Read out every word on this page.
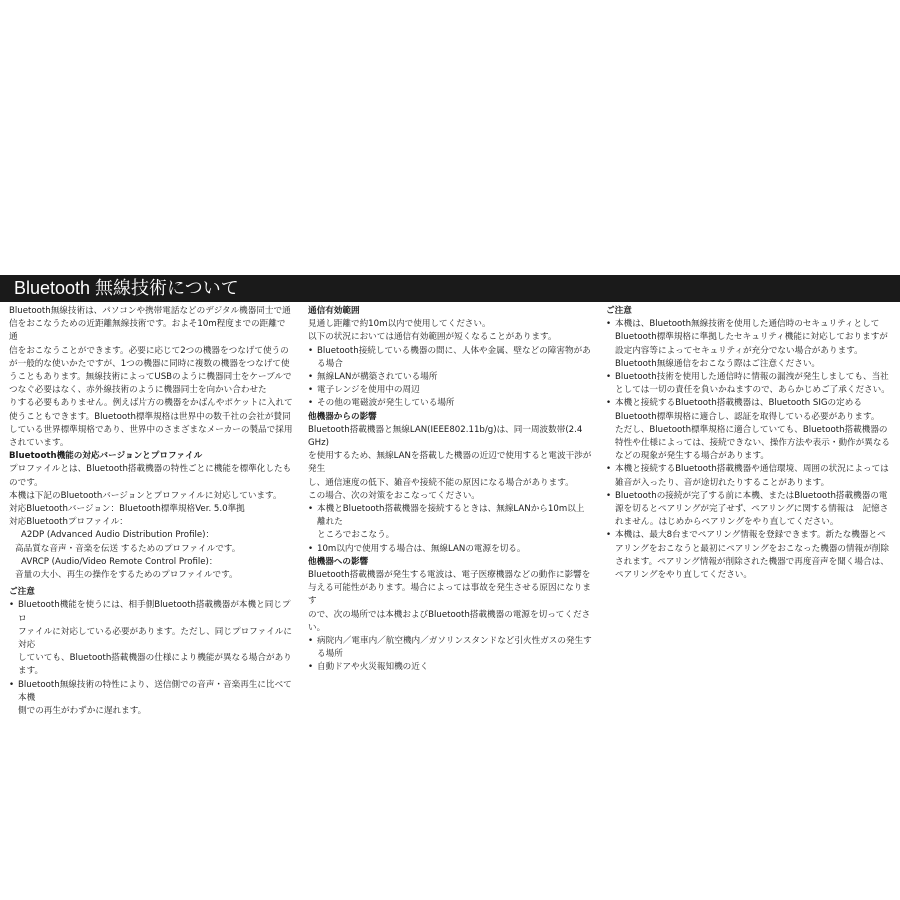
Bluetooth 無線技術について
Bluetooth無線技術は、パソコンや携帯電話などのデジタル機器同士で通
信をおこなうための近距離無線技術です。およそ10m程度までの距離で通
信をおこなうことができます。必要に応じて2つの機器をつなげて使うの
が一般的な使いかたですが、1つの機器に同時に複数の機器をつなげて使
うこともあります。無線技術によってUSBのように機器同士をケーブルで
つなぐ必要はなく、赤外線技術のように機器同士を向かい合わせた
りする必要もありません。例えば片方の機器をかばんやポケットに入れて
使うこともできます。Bluetooth標準規格は世界中の数千社の会社が賛同
している世界標準規格であり、世界中のさまざまなメーカーの製品で採用
されています。
Bluetooth機能の対応バージョンとプロファイル
プロファイルとは、Bluetooth搭載機器の特性ごとに機能を標準化したものです。
本機は下記のBluetoothバージョンとプロファイルに対応しています。
対応Bluetoothバージョン：Bluetooth標準規格Ver. 5.0準拠
対応Bluetoothプロファイル：
A2DP (Advanced Audio Distribution Profile)：
高品質な音声・音楽を伝送 するためのプロファイルです。
AVRCP (Audio/Video Remote Control Profile)：
音量の大小、再生の操作をするためのプロファイルです。
ご注意
• Bluetooth機能を使うには、相手側Bluetooth搭載機器が本機と同じプロ
ファイルに対応している必要があります。ただし、同じプロファイルに対応
していても、Bluetooth搭載機器の仕様により機能が異なる場合があります。
• Bluetooth無線技術の特性により、送信側での音声・音楽再生に比べて本機
側での再生がわずかに遅れます。
通信有効範囲
見通し距離で約10m以内で使用してください。
以下の状況においては通信有効範囲が短くなることがあります。
• Bluetooth接続している機器の間に、人体や金属、壁などの障害物がある場合
• 無線LANが構築されている場所
• 電子レンジを使用中の周辺
• その他の電磁波が発生している場所
他機器からの影響
Bluetooth搭載機器と無線LAN(IEEE802.11b/g)は、同一周波数帯(2.4 GHz)
を使用するため、無線LANを搭載した機器の近辺で使用すると電波干渉が発生
し、通信速度の低下、雑音や接続不能の原因になる場合があります。
この場合、次の対策をおこなってください。
• 本機とBluetooth搭載機器を接続するときは、無線LANから10m以上離れた
ところでおこなう。
• 10m以内で使用する場合は、無線LANの電源を切る。
他機器への影響
Bluetooth搭載機器が発生する電波は、電子医療機器などの動作に影響を
与える可能性があります。場合によっては事故を発生させる原因になります
ので、次の場所では本機およびBluetooth搭載機器の電源を切ってくださ
い。
• 病院内／電車内／航空機内／ガソリンスタンドなど引火性ガスの発生す
る場所
• 自動ドアや火災報知機の近く
ご注意
• 本機は、Bluetooth無線技術を使用した通信時のセキュリティとして
Bluetooth標準規格に準拠したセキュリティ機能に対応しておりますが
設定内容等によってセキュリティが充分でない場合があります。
Bluetooth無線通信をおこなう際はご注意ください。
• Bluetooth技術を使用した通信時に情報の漏洩が発生しましても、当社
としては一切の責任を負いかねますので、あらかじめご了承ください。
• 本機と接続するBluetooth搭載機器は、Bluetooth SIGの定める
Bluetooth標準規格に適合し、認証を取得している必要があります。
ただし、Bluetooth標準規格に適合していても、Bluetooth搭載機器の
特性や仕様によっては、接続できない、操作方法や表示・動作が異なる
などの現象が発生する場合があります。
• 本機と接続するBluetooth搭載機器や通信環境、周囲の状況によっては
雑音が入ったり、音が途切れたりすることがあります。
• Bluetoothの接続が完了する前に本機、またはBluetooth搭載機器の電
源を切るとペアリングが完了せず、ペアリングに関する情報は　記憶さ
れません。はじめからペアリングをやり直してください。
• 本機は、最大8台までペアリング情報を登録できます。新たな機器とペ
アリングをおこなうと最初にペアリングをおこなった機器の情報が削除
されます。ペアリング情報が削除された機器で再度音声を聞く場合は、
ペアリングをやり直してください。
